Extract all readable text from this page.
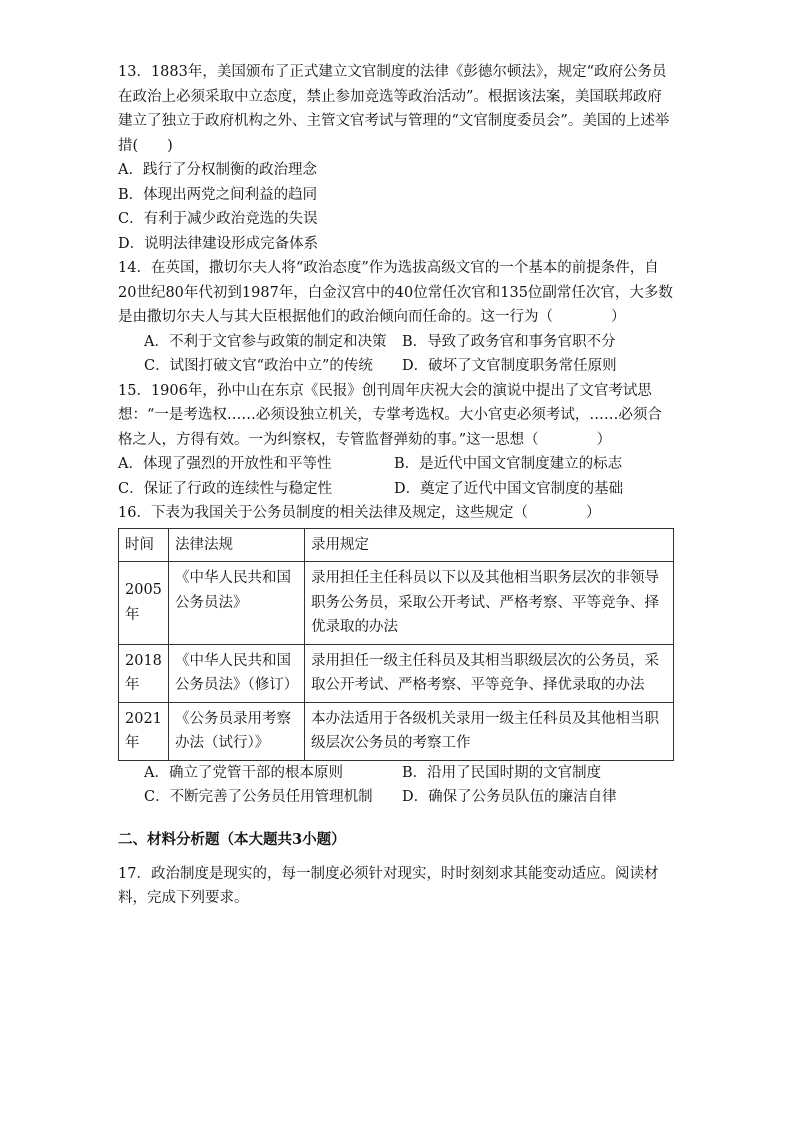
13．1883年，美国颁布了正式建立文官制度的法律《彭德尔顿法》，规定“政府公务员在政治上必须采取中立态度，禁止参加竞选等政治活动”。根据该法案，美国联邦政府建立了独立于政府机构之外、主管文官考试与管理的“文官制度委员会”。美国的上述举措(　　)

A．践行了分权制衡的政治理念

B．体现出两党之间利益的趋同

C．有利于减少政治竞选的失误

D．说明法律建设形成完备体系

14．在英国，撒切尔夫人将“政治态度”作为选拔高级文官的一个基本的前提条件，自20世纪80年代初到1987年，白金汉宫中的40位常任次官和135位副常任次官，大多数是由撒切尔夫人与其大臣根据他们的政治倾向而任命的。这一行为（　　　　）

A．不利于文官参与政策的制定和决策	B．导致了政务官和事务官职不分
C．试图打破文官“政治中立”的传统	D．破坏了文官制度职务常任原则

15．1906年，孙中山在东京《民报》创刊周年庆祝大会的演说中提出了文官考试思想：“一是考选权……必须设独立机关，专掌考选权。大小官吏必须考试，……必须合格之人，方得有效。一为纠察权，专管监督弹劾的事。”这一思想（　　　　）

A．体现了强烈的开放性和平等性	B．是近代中国文官制度建立的标志
C．保证了行政的连续性与稳定性	D．奠定了近代中国文官制度的基础

16．下表为我国关于公务员制度的相关法律及规定，这些规定（　　　　）

时间	法律法规	录用规定
2005年	《中华人民共和国公务员法》	录用担任主任科员以下以及其他相当职务层次的非领导职务公务员，采取公开考试、严格考察、平等竞争、择优录取的办法
2018年	《中华人民共和国公务员法》（修订）	录用担任一级主任科员及其相当职级层次的公务员，采取公开考试、严格考察、平等竞争、择优录取的办法
2021年	《公务员录用考察办法（试行）》	本办法适用于各级机关录用一级主任科员及其他相当职级层次公务员的考察工作
A．确立了党管干部的根本原则	B．沿用了民国时期的文官制度
C．不断完善了公务员任用管理机制	D．确保了公务员队伍的廉洁自律
二、材料分析题（本大题共3小题）

17．政治制度是现实的，每一制度必须针对现实，时时刻刻求其能变动适应。阅读材料，完成下列要求。
